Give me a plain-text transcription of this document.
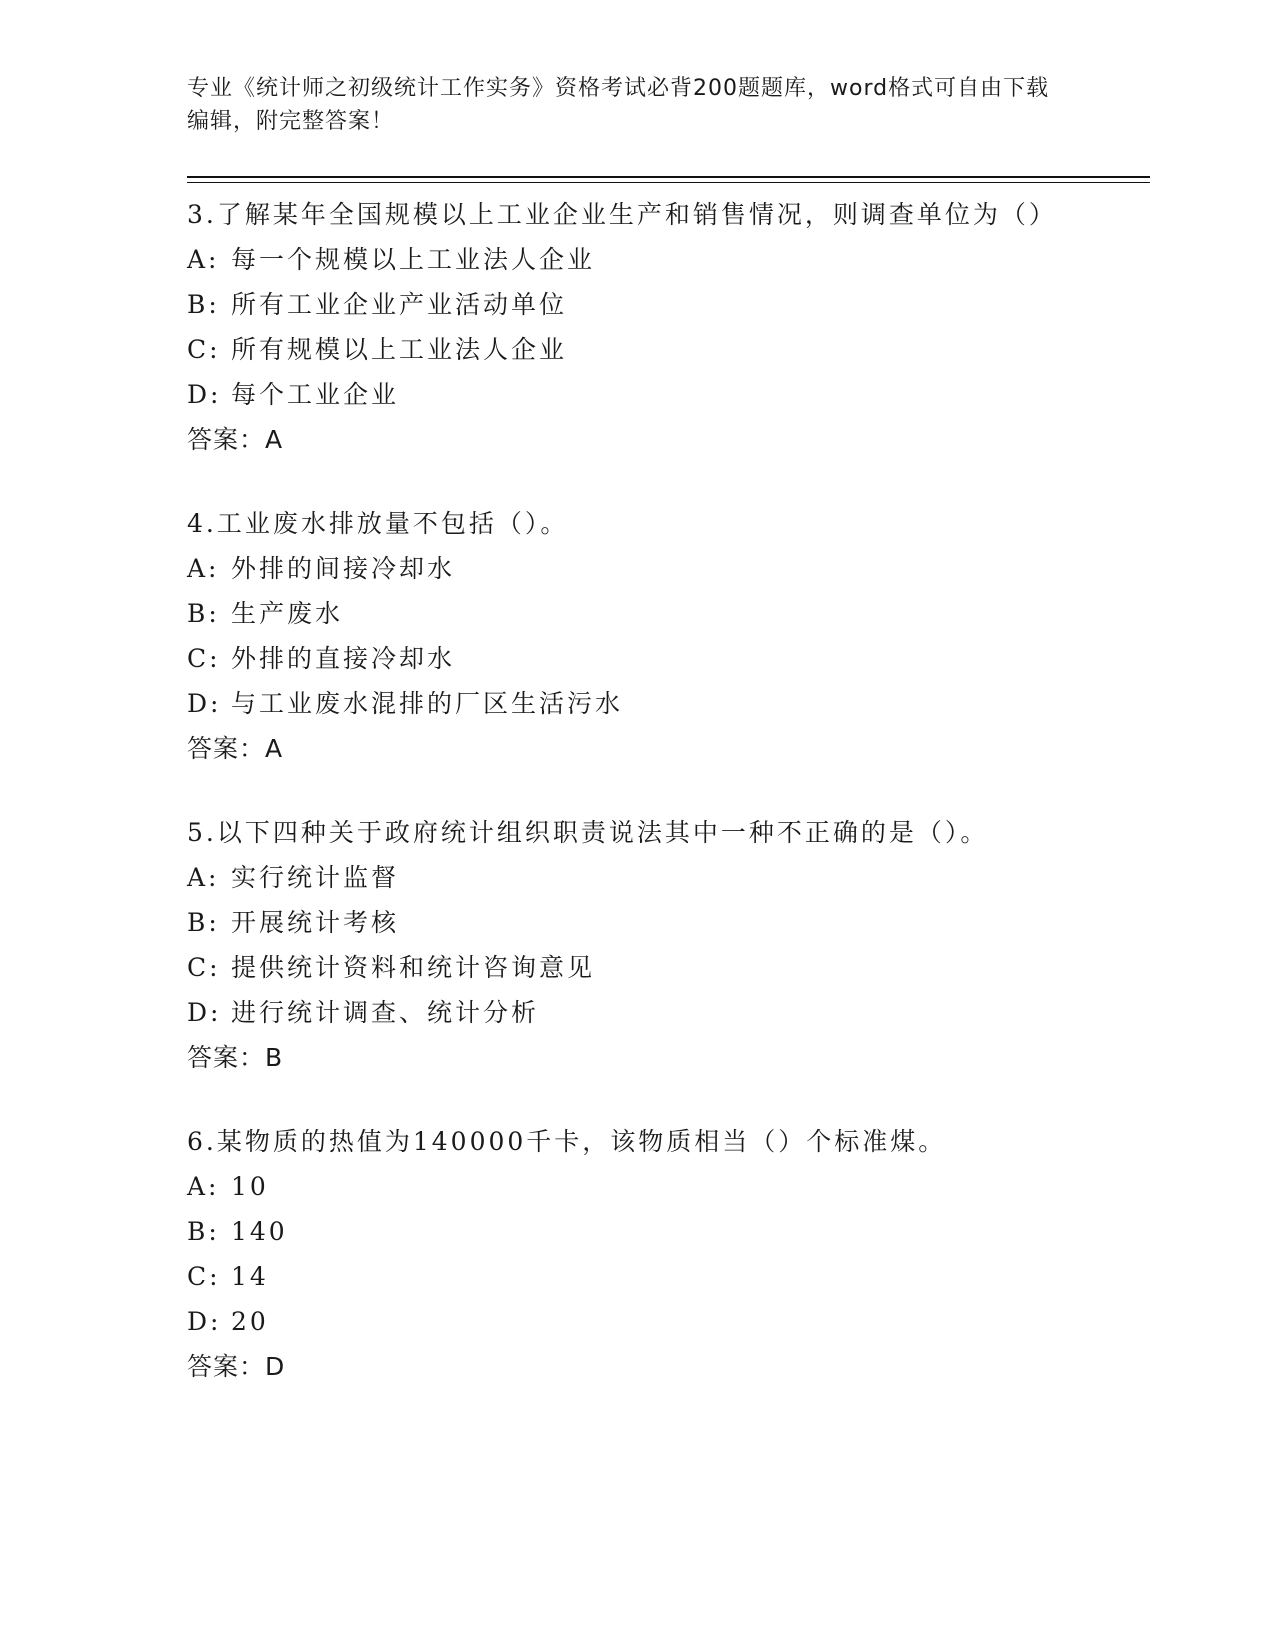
专业《统计师之初级统计工作实务》资格考试必背200题题库，word格式可自由下载编辑，附完整答案！

3.了解某年全国规模以上工业企业生产和销售情况，则调查单位为（）

A: 每一个规模以上工业法人企业

B: 所有工业企业产业活动单位

C: 所有规模以上工业法人企业

D: 每个工业企业

答案：A

4.工业废水排放量不包括（）。

A: 外排的间接冷却水

B: 生产废水

C: 外排的直接冷却水

D: 与工业废水混排的厂区生活污水

答案：A

5.以下四种关于政府统计组织职责说法其中一种不正确的是（）。

A: 实行统计监督

B: 开展统计考核

C: 提供统计资料和统计咨询意见

D: 进行统计调查、统计分析

答案：B

6.某物质的热值为140000千卡，该物质相当（）个标准煤。

A: 10

B: 140

C: 14

D: 20

答案：D
